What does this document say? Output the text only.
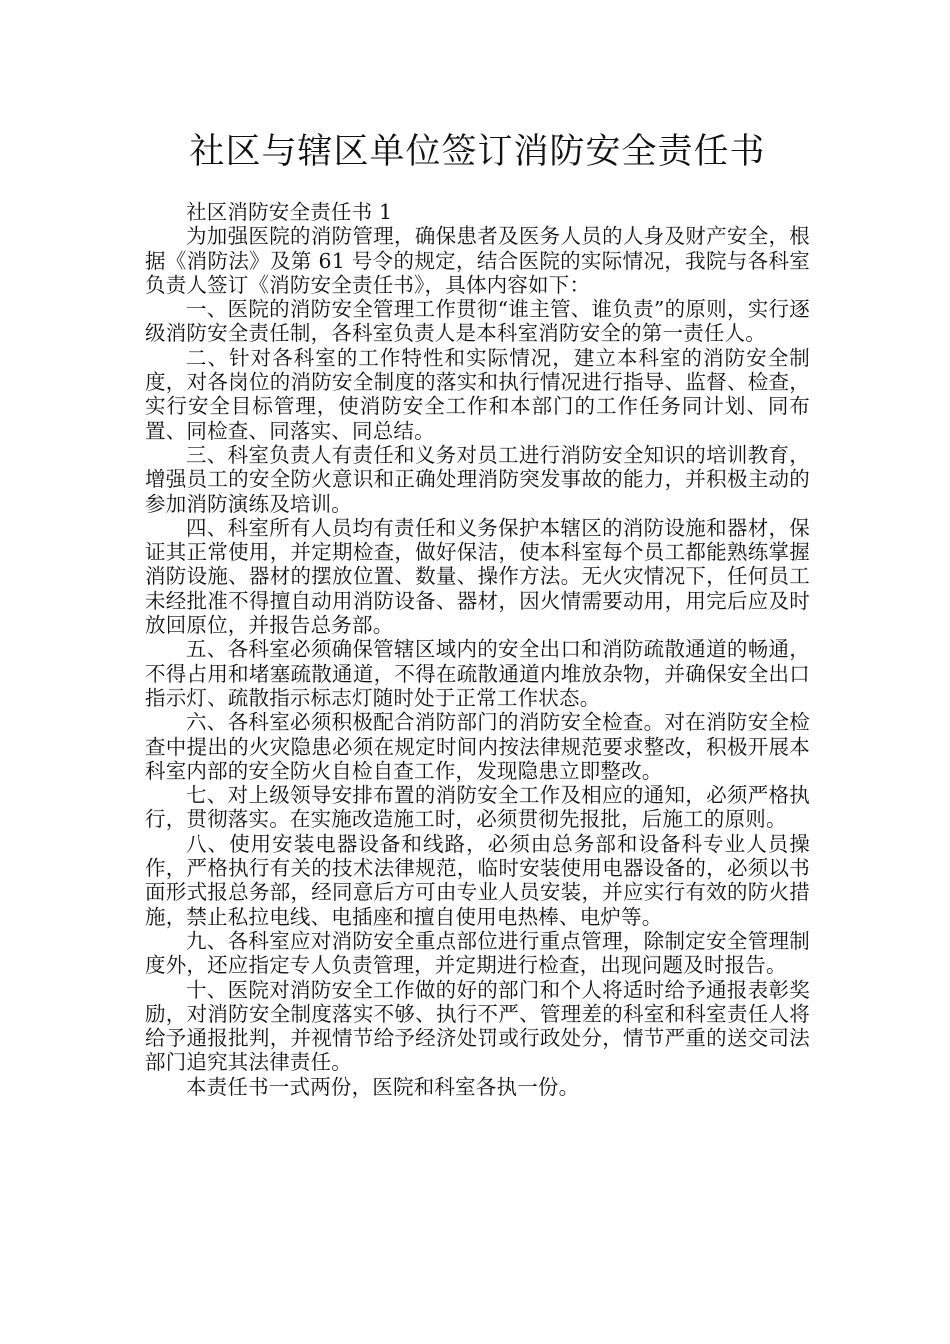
社区与辖区单位签订消防安全责任书

社区消防安全责任书 1

为加强医院的消防管理，确保患者及医务人员的人身及财产安全，根据《消防法》及第 61 号令的规定，结合医院的实际情况，我院与各科室负责人签订《消防安全责任书》，具体内容如下：

一、医院的消防安全管理工作贯彻“谁主管、谁负责”的原则，实行逐级消防安全责任制，各科室负责人是本科室消防安全的第一责任人。

二、针对各科室的工作特性和实际情况，建立本科室的消防安全制度，对各岗位的消防安全制度的落实和执行情况进行指导、监督、检查，实行安全目标管理，使消防安全工作和本部门的工作任务同计划、同布置、同检查、同落实、同总结。

三、科室负责人有责任和义务对员工进行消防安全知识的培训教育，增强员工的安全防火意识和正确处理消防突发事故的能力，并积极主动的参加消防演练及培训。

四、科室所有人员均有责任和义务保护本辖区的消防设施和器材，保证其正常使用，并定期检查，做好保洁，使本科室每个员工都能熟练掌握消防设施、器材的摆放位置、数量、操作方法。无火灾情况下，任何员工未经批准不得擅自动用消防设备、器材，因火情需要动用，用完后应及时放回原位，并报告总务部。

五、各科室必须确保管辖区域内的安全出口和消防疏散通道的畅通，不得占用和堵塞疏散通道，不得在疏散通道内堆放杂物，并确保安全出口指示灯、疏散指示标志灯随时处于正常工作状态。

六、各科室必须积极配合消防部门的消防安全检查。对在消防安全检查中提出的火灾隐患必须在规定时间内按法律规范要求整改，积极开展本科室内部的安全防火自检自查工作，发现隐患立即整改。

七、对上级领导安排布置的消防安全工作及相应的通知，必须严格执行，贯彻落实。在实施改造施工时，必须贯彻先报批，后施工的原则。

八、使用安装电器设备和线路，必须由总务部和设备科专业人员操作，严格执行有关的技术法律规范，临时安装使用电器设备的，必须以书面形式报总务部，经同意后方可由专业人员安装，并应实行有效的防火措施，禁止私拉电线、电插座和擅自使用电热棒、电炉等。

九、各科室应对消防安全重点部位进行重点管理，除制定安全管理制度外，还应指定专人负责管理，并定期进行检查，出现问题及时报告。

十、医院对消防安全工作做的好的部门和个人将适时给予通报表彰奖励，对消防安全制度落实不够、执行不严、管理差的科室和科室责任人将给予通报批判，并视情节给予经济处罚或行政处分，情节严重的送交司法部门追究其法律责任。

本责任书一式两份，医院和科室各执一份。
